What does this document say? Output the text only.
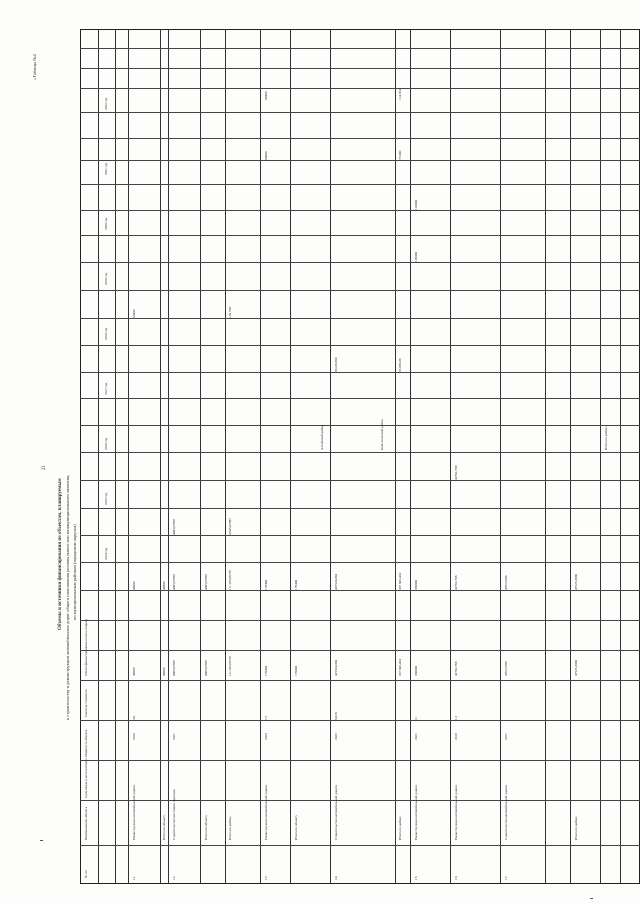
«Таблица №4
21
Объемы и источники финансирования по объектам, планируемым к строительству и реконструкции автомобильных дорог общего пользования регионального или межмуниципального значения, по муниципальным районам (городским округам)
№ пп
Наименование объекта
Срок ввода в эксплуатацию
Мощность объекта
Сметная стоимость
Объем финансирования на весь период
2014 год
2015 год
2016 год
2017 год
2018 год
2019 год
2020 год
2021 год
2022 год
11.
Реконструкция автомобильной дороги
2018
3,6
46800
46800
50400
Итого по объекту
46800
46800
12.
Строительство мостового перехода
2021
4005,07887
4005,07887
4005,07887
Итого по объекту
4005,07887
4005,07887
Итого по району
111 205,05767
111 205,05767
4 005,07887
120 700
13.
Реконструкция автомобильной дороги
2023
7,7
178400
178400
90000
88400
Итого по объекту
178400
178400
14.
Строительство автомобильной дороги
2023
6,628
425524,094
425524,094
83129,094
Итого по району
337 845,424
337 845,424
93 085,06
73 000
114 054
15.
Реконструкция автомобильной дороги
2021
11
330000
330000
120000
110000
16.
Реконструкция автомобильной дороги
2018
1,5
42762,768
42762,768
42762,768
17.
Строительство автомобильной дороги
2017
4762,5386
4762,5386
Итого по району
47525,3066
47525,3066
Алтайский район	Кош-Агачский район	Итого по району
